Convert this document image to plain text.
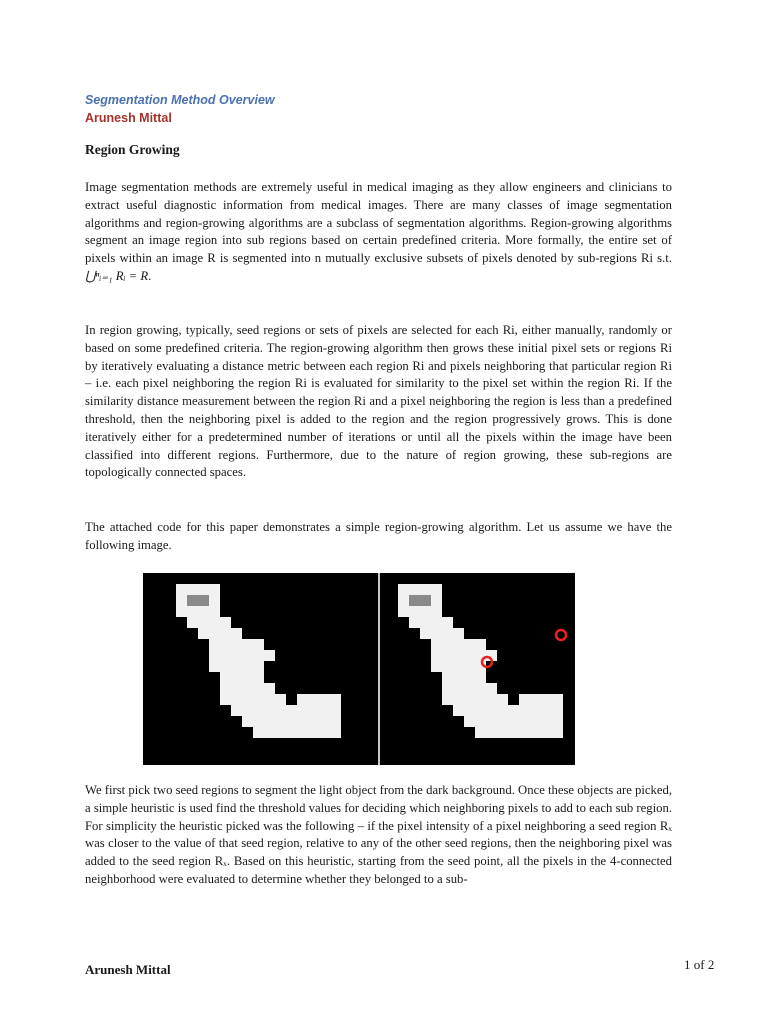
Segmentation Method Overview
Arunesh Mittal
Region Growing

Image segmentation methods are extremely useful in medical imaging as they allow engineers and clinicians to extract useful diagnostic information from medical images. There are many classes of image segmentation algorithms and region-growing algorithms are a subclass of segmentation algorithms. Region-growing algorithms segment an image region into sub regions based on certain predefined criteria. More formally, the entire set of pixels within an image R is segmented into n mutually exclusive subsets of pixels denoted by sub-regions Ri s.t. ⋃ⁿᵢ₌₁ Rᵢ = R.

In region growing, typically, seed regions or sets of pixels are selected for each Ri, either manually, randomly or based on some predefined criteria. The region-growing algorithm then grows these initial pixel sets or regions Ri by iteratively evaluating a distance metric between each region Ri and pixels neighboring that particular region Ri – i.e. each pixel neighboring the region Ri is evaluated for similarity to the pixel set within the region Ri. If the similarity distance measurement between the region Ri and a pixel neighboring the region is less than a predefined threshold, then the neighboring pixel is added to the region and the region progressively grows. This is done iteratively either for a predetermined number of iterations or until all the pixels within the image have been classified into different regions. Furthermore, due to the nature of region growing, these sub-regions are topologically connected spaces.

The attached code for this paper demonstrates a simple region-growing algorithm. Let us assume we have the following image.

We first pick two seed regions to segment the light object from the dark background. Once these objects are picked, a simple heuristic is used find the threshold values for deciding which neighboring pixels to add to each sub region. For simplicity the heuristic picked was the following – if the pixel intensity of a pixel neighboring a seed region Rₓ was closer to the value of that seed region, relative to any of the other seed regions, then the neighboring pixel was added to the seed region Rₓ. Based on this heuristic, starting from the seed point, all the pixels in the 4-connected neighborhood were evaluated to determine whether they belonged to a sub-

Arunesh Mittal	1 of 2
